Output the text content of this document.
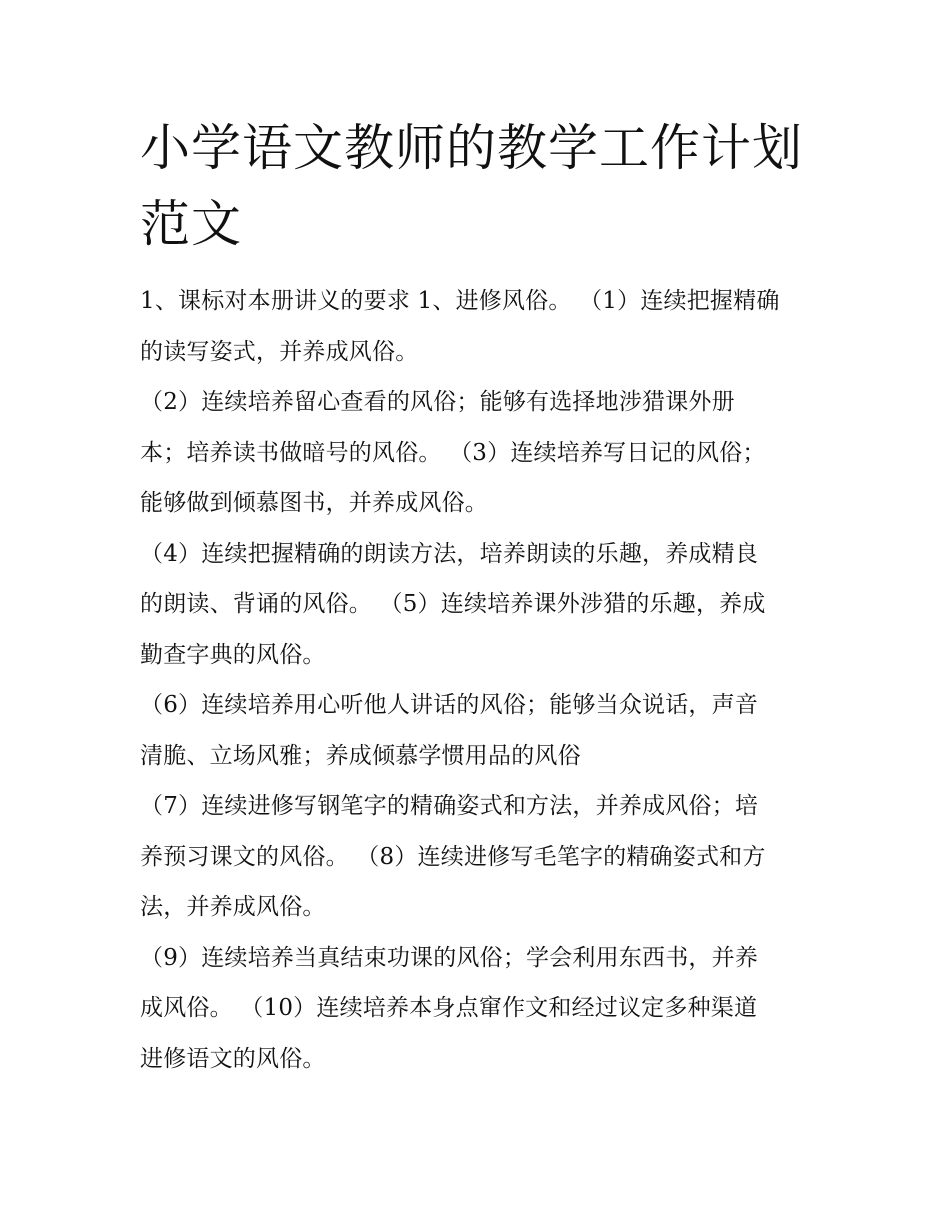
小学语文教师的教学工作计划
范文

1、课标对本册讲义的要求 1、进修风俗。 （1）连续把握精确
的读写姿式，并养成风俗。

（2）连续培养留心查看的风俗；能够有选择地涉猎课外册
本；培养读书做暗号的风俗。 （3）连续培养写日记的风俗；
能够做到倾慕图书，并养成风俗。

（4）连续把握精确的朗读方法，培养朗读的乐趣，养成精良
的朗读、背诵的风俗。 （5）连续培养课外涉猎的乐趣，养成
勤查字典的风俗。

（6）连续培养用心听他人讲话的风俗；能够当众说话，声音
清脆、立场风雅；养成倾慕学惯用品的风俗

（7）连续进修写钢笔字的精确姿式和方法，并养成风俗；培
养预习课文的风俗。 （8）连续进修写毛笔字的精确姿式和方
法，并养成风俗。

（9）连续培养当真结束功课的风俗；学会利用东西书，并养
成风俗。 （10）连续培养本身点窜作文和经过议定多种渠道
进修语文的风俗。
